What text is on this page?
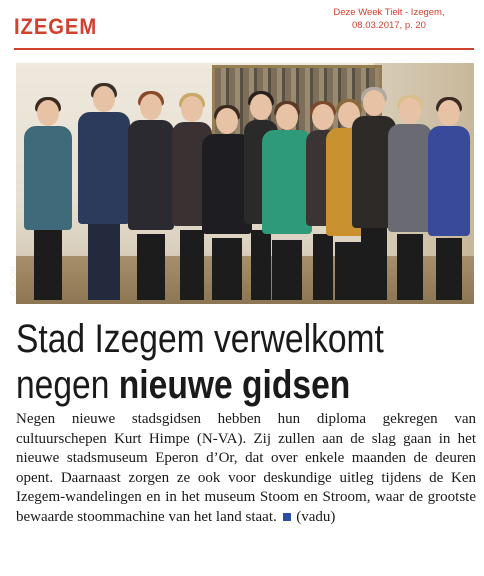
IZEGEM
Deze Week Tielt - Izegem,
08.03.2017, p. 20
© JCOR
Stad Izegem verwelkomt
negen nieuwe gidsen
Negen nieuwe stadsgidsen hebben hun diploma gekregen van cultuurschepen Kurt Himpe (N-VA). Zij zullen aan de slag gaan in het nieuwe stadsmuseum Eperon d’Or, dat over enkele maanden de deuren opent. Daarnaast zorgen ze ook voor deskundige uitleg tijdens de Ken Izegem-wandelingen en in het museum Stoom en Stroom, waar de grootste bewaarde stoommachine van het land staat. (vadu)
